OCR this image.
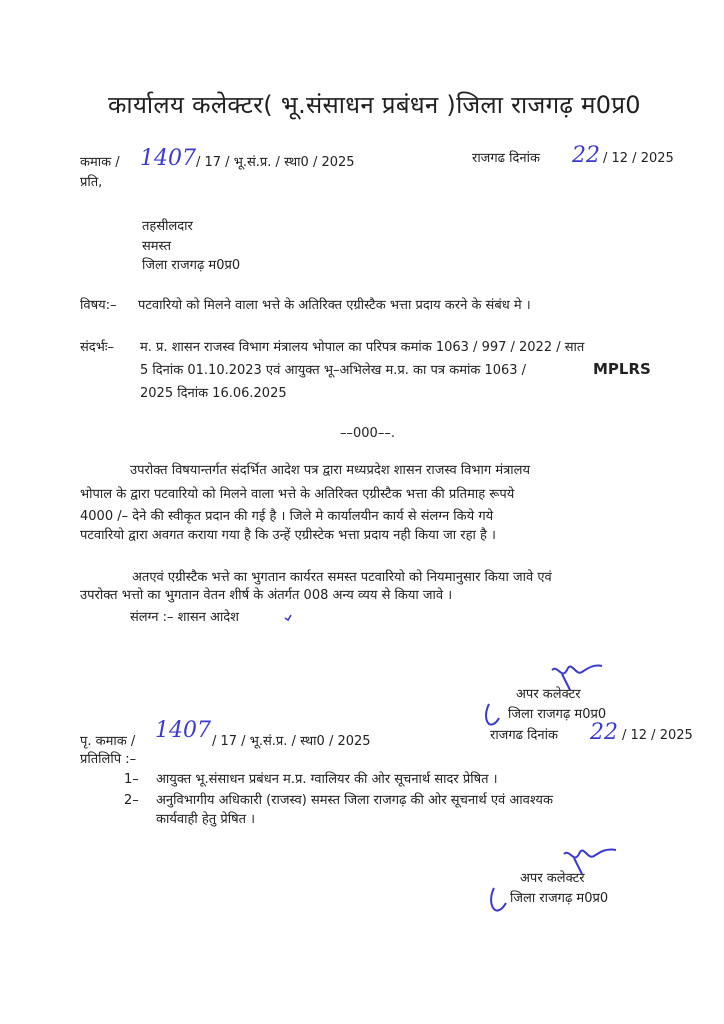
कार्यालय कलेक्टर( भू.संसाधन प्रबंधन )जिला राजगढ़ म0प्र0
कमाक / 1407 / 17 / भू.सं.प्र. / स्था0 / 2025	राजगढ दिनांक 22 / 12 / 2025
प्रति,
तहसीलदार
समस्त
जिला राजगढ़ म0प्र0
विषय:– पटवारियो को मिलने वाला भत्ते के अतिरिक्त एग्रीस्टैक भत्ता प्रदाय करने के संबंध मे ।
संदर्भः– म. प्र. शासन राजस्व विभाग मंत्रालय भोपाल का परिपत्र कमांक 1063 / 997 / 2022 / सात
5 दिनांक 01.10.2023 एवं आयुक्त भू–अभिलेख म.प्र. का पत्र कमांक 1063 /	MPLRS
2025 दिनांक 16.06.2025
––000––.
उपरोक्त विषयान्तर्गत संदर्भित आदेश पत्र द्वारा मध्यप्रदेश शासन राजस्व विभाग मंत्रालय
भोपाल के द्वारा पटवारियो को मिलने वाला भत्ते के अतिरिक्त एग्रीस्टैक भत्ता की प्रतिमाह रूपये
4000 /– देने की स्वीकृत प्रदान की गई है । जिले मे कार्यालयीन कार्य से संलग्न किये गये
पटवारियो द्वारा अवगत कराया गया है कि उन्हें एग्रीस्टेक भत्ता प्रदाय नही किया जा रहा है ।
अतएवं एग्रीस्टैक भत्ते का भुगतान कार्यरत समस्त पटवारियो को नियमानुसार किया जावे एवं
उपरोक्त भत्तो का भुगतान वेतन शीर्ष के अंतर्गत 008 अन्य व्यय से किया जावे ।
संलग्न :– शासन आदेश
अपर कलेक्टर
जिला राजगढ़ म0प्र0
पृ. कमाक / 1407 / 17 / भू.सं.प्र. / स्था0 / 2025	राजगढ दिनांक 22 / 12 / 2025
प्रतिलिपि :–
1– आयुक्त भू.संसाधन प्रबंधन म.प्र. ग्वालियर की ओर सूचनार्थ सादर प्रेषित ।
2– अनुविभागीय अधिकारी (राजस्व) समस्त जिला राजगढ़ की ओर सूचनार्थ एवं आवश्यक
कार्यवाही हेतु प्रेषित ।
अपर कलेक्टर
जिला राजगढ़ म0प्र0
